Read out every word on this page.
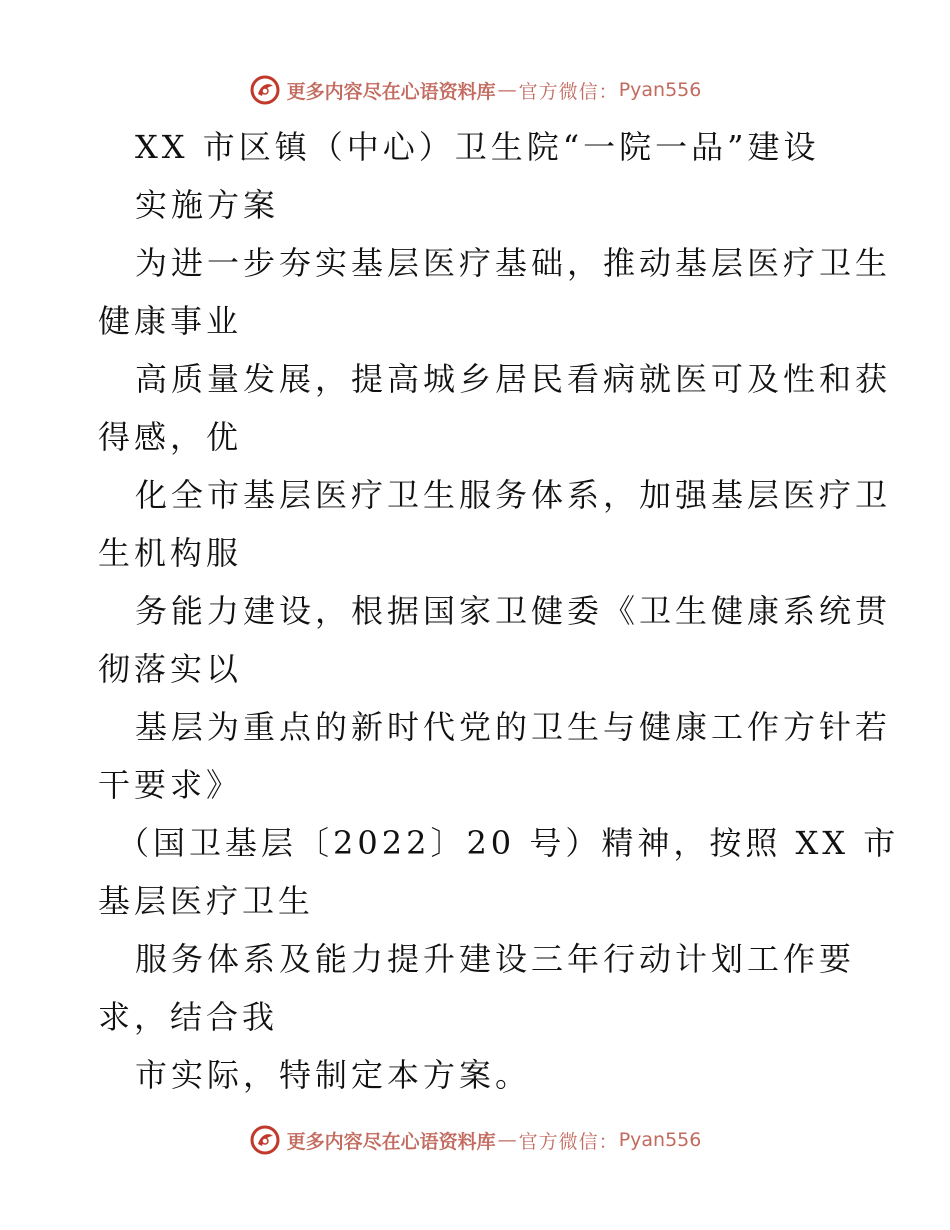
更多内容尽在心语资料库 — 官方微信： Pyan556
XX 市区镇（中心）卫生院“一院一品”建设
实施方案
为进一步夯实基层医疗基础，推动基层医疗卫生
健康事业
高质量发展，提高城乡居民看病就医可及性和获
得感，优
化全市基层医疗卫生服务体系，加强基层医疗卫
生机构服
务能力建设，根据国家卫健委《卫生健康系统贯
彻落实以
基层为重点的新时代党的卫生与健康工作方针若
干要求》
（国卫基层〔2022〕20 号）精神，按照 XX 市
基层医疗卫生
服务体系及能力提升建设三年行动计划工作要
求，结合我
市实际，特制定本方案。
更多内容尽在心语资料库 — 官方微信： Pyan556
